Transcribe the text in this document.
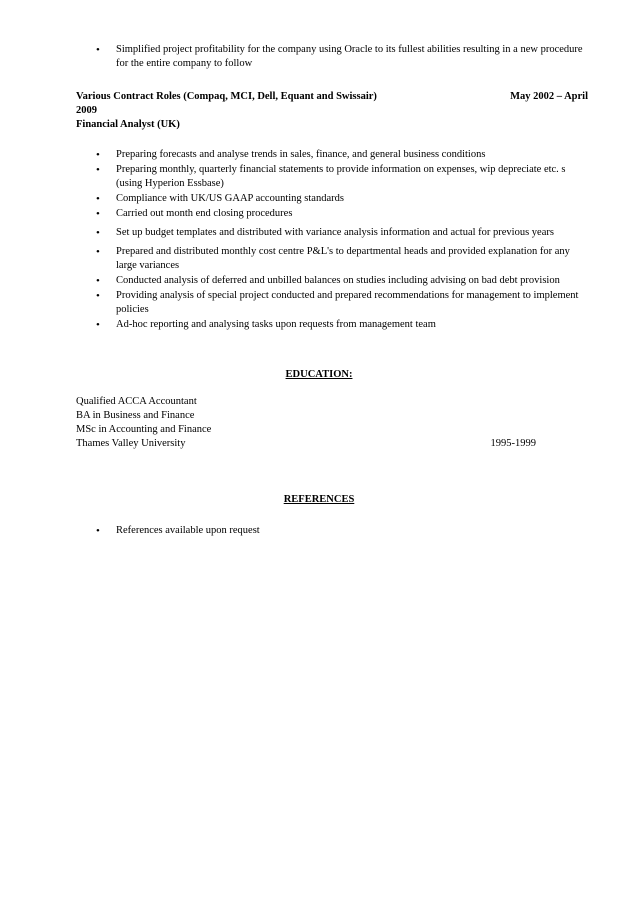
• Simplified project profitability for the company using Oracle to its fullest abilities resulting in a new procedure for the entire company to follow
Various Contract Roles (Compaq, MCI, Dell, Equant and Swissair)	May 2002 – April
2009
Financial Analyst (UK)
• Preparing forecasts and analyse trends in sales, finance, and general business conditions
• Preparing monthly, quarterly financial statements to provide information on expenses, wip depreciate etc. s (using Hyperion Essbase)
• Compliance with UK/US GAAP accounting standards
• Carried out month end closing procedures
• Set up budget templates and distributed with variance analysis information and actual for previous years
• Prepared and distributed monthly cost centre P&L's to departmental heads and provided explanation for any large variances
• Conducted analysis of deferred and unbilled balances on studies including advising on bad debt provision
• Providing analysis of special project conducted and prepared recommendations for management to implement policies
• Ad-hoc reporting and analysing tasks upon requests from management team
EDUCATION:
Qualified ACCA Accountant
BA in Business and Finance
MSc in Accounting and Finance
Thames Valley University	1995-1999
REFERENCES
• References available upon request
